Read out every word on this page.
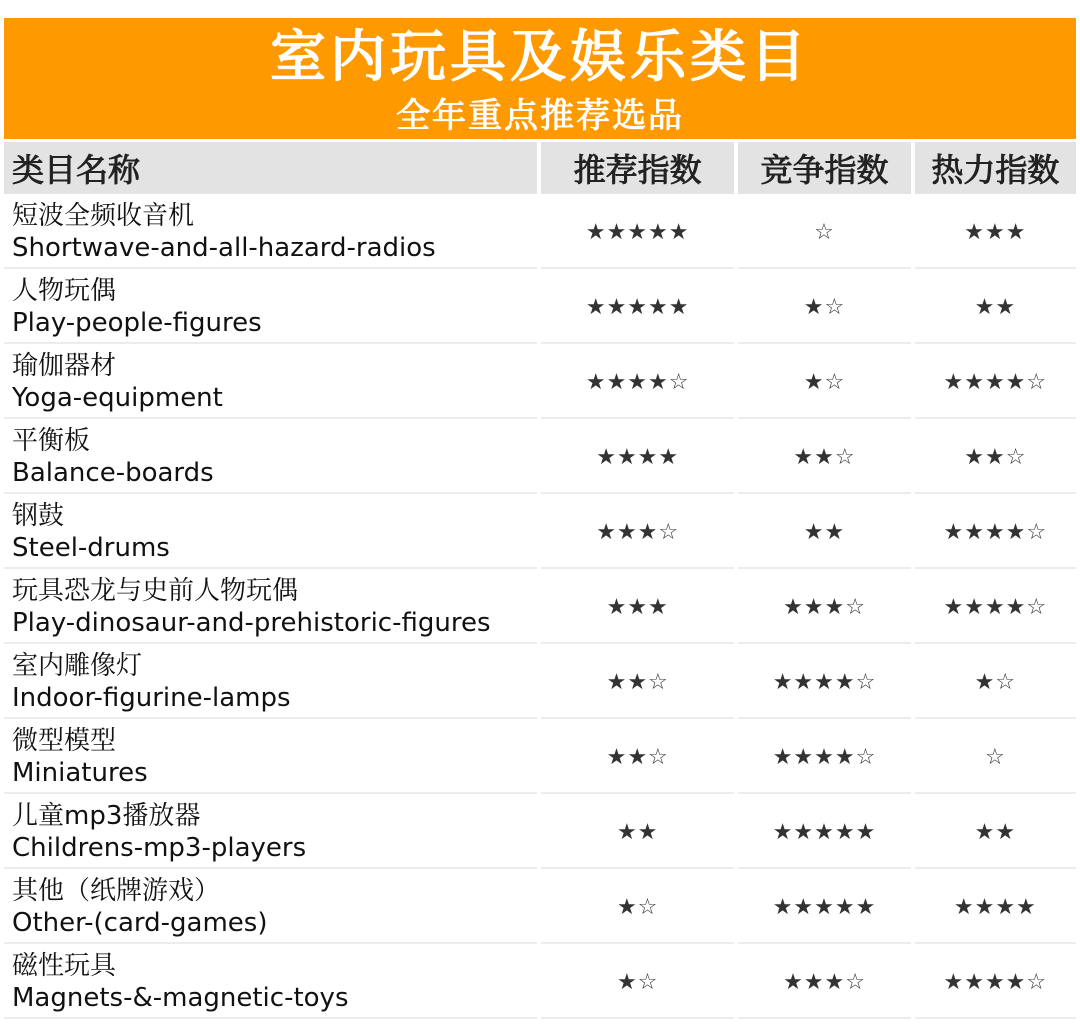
室内玩具及娱乐类目
全年重点推荐选品
类目名称	推荐指数	竞争指数	热力指数

短波全频收音机
Shortwave-and-all-hazard-radios	★★★★★	☆	★★★

人物玩偶
Play-people-figures	★★★★★	★☆	★★

瑜伽器材
Yoga-equipment	★★★★☆	★☆	★★★★☆

平衡板
Balance-boards	★★★★	★★☆	★★☆

钢鼓
Steel-drums	★★★☆	★★	★★★★☆

玩具恐龙与史前人物玩偶
Play-dinosaur-and-prehistoric-figures	★★★	★★★☆	★★★★☆

室内雕像灯
Indoor-figurine-lamps	★★☆	★★★★☆	★☆

微型模型
Miniatures	★★☆	★★★★☆	☆

儿童mp3播放器
Childrens-mp3-players	★★	★★★★★	★★

其他（纸牌游戏）
Other-(card-games)	★☆	★★★★★	★★★★

磁性玩具
Magnets-&-magnetic-toys	★☆	★★★☆	★★★★☆
